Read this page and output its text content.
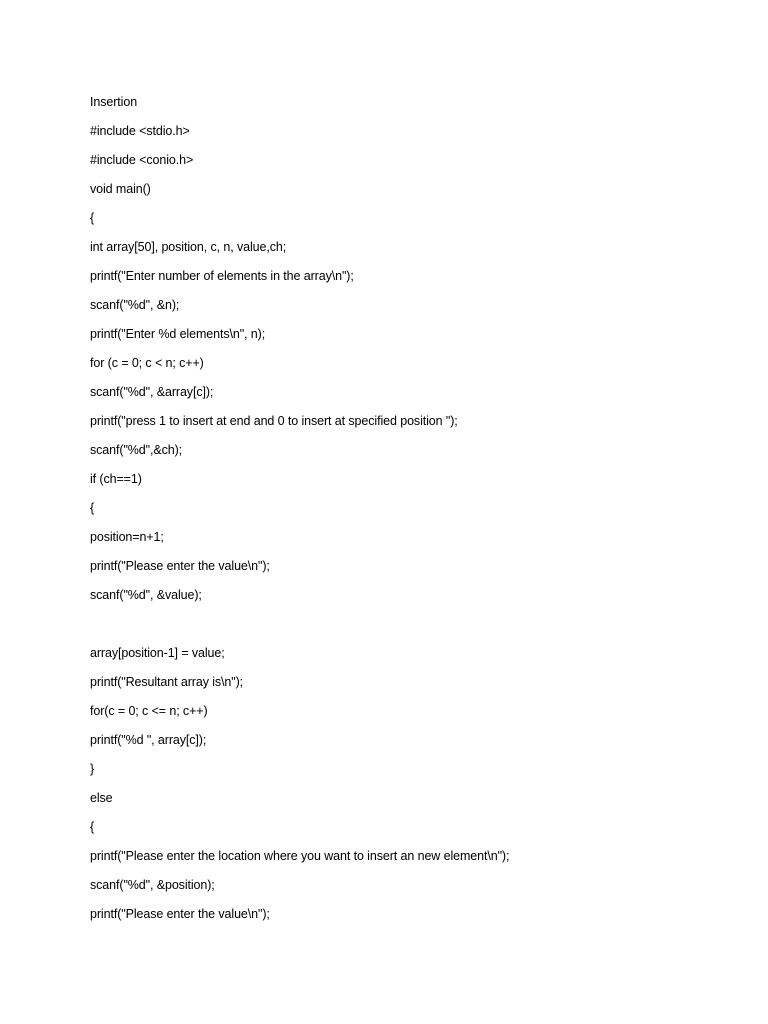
Insertion
#include <stdio.h>
#include <conio.h>
void main()
{
int array[50], position, c, n, value,ch;
printf("Enter number of elements in the array\n");
scanf("%d", &n);
printf("Enter %d elements\n", n);
for (c = 0; c < n; c++)
scanf("%d", &array[c]);
printf("press 1 to insert at end and 0 to insert at specified position ");
scanf("%d",&ch);
if (ch==1)
{
position=n+1;
printf("Please enter the value\n");
scanf("%d", &value);
array[position-1] = value;
printf("Resultant array is\n");
for(c = 0; c <= n; c++)
printf("%d ", array[c]);
}
else
{
printf("Please enter the location where you want to insert an new element\n");
scanf("%d", &position);
printf("Please enter the value\n");
